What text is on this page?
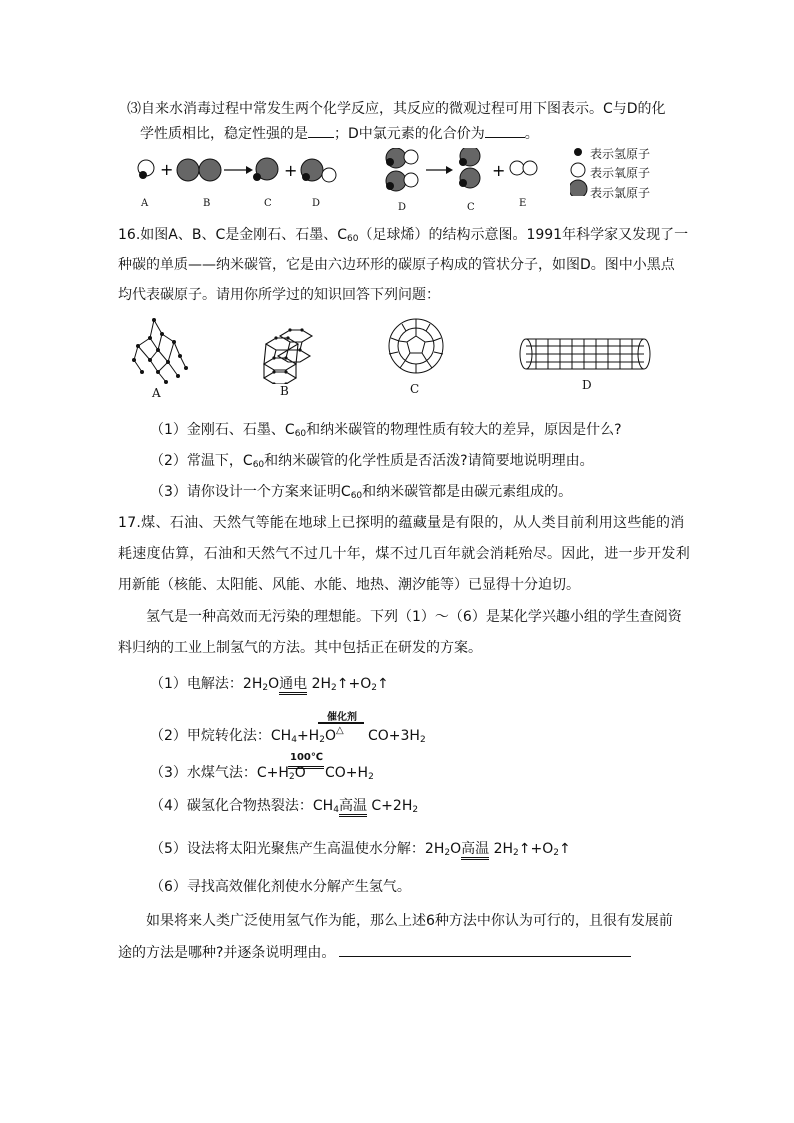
⑶自来水消毒过程中常发生两个化学反应，其反应的微观过程可用下图表示。C与D的化
学性质相比，稳定性强的是 ；D中氯元素的化合价为	。
+	+	+
A	B	C	D	D	C	E
表示氢原子
表示氧原子
表示氯原子
16.如图A、B、C是金刚石、石墨、$C_{60}$（足球烯）的结构示意图。1991年科学家又发现了一
种碳的单质——纳米碳管，它是由六边环形的碳原子构成的管状分子，如图D。图中小黑点
均代表碳原子。请用你所学过的知识回答下列问题：
A	B	C	D
（1）金刚石、石墨、$C_{60}$和纳米碳管的物理性质有较大的差异，原因是什么?
（2）常温下，$C_{60}$和纳米碳管的化学性质是否活泼?请简要地说明理由。
（3）请你设计一个方案来证明$C_{60}$和纳米碳管都是由碳元素组成的。
17.煤、石油、天然气等能在地球上已探明的蕴藏量是有限的，从人类目前利用这些能的消
耗速度估算，石油和天然气不过几十年，煤不过几百年就会消耗殆尽。因此，进一步开发利
用新能（核能、太阳能、风能、水能、地热、潮汐能等）已显得十分迫切。
氢气是一种高效而无污染的理想能。下列（1）～（6）是某化学兴趣小组的学生查阅资
料归纳的工业上制氢气的方法。其中包括正在研发的方案。
（1）电解法：$2H_2O$通电 $2H_2↑+O_2↑$
催化剂
△
（2）甲烷转化法：$CH_4+H_2O$ $CO+3H_2$
100℃
（3）水煤气法：$C+H_2O$ $CO+H_2$
（4）碳氢化合物热裂法：$CH_4$高温 $C+2H_2$
（5）设法将太阳光聚焦产生高温使水分解：$2H_2O$高温 $2H_2↑+O_2↑$
（6）寻找高效催化剂使水分解产生氢气。
如果将来人类广泛使用氢气作为能，那么上述6种方法中你认为可行的，且很有发展前
途的方法是哪种?并逐条说明理由。
